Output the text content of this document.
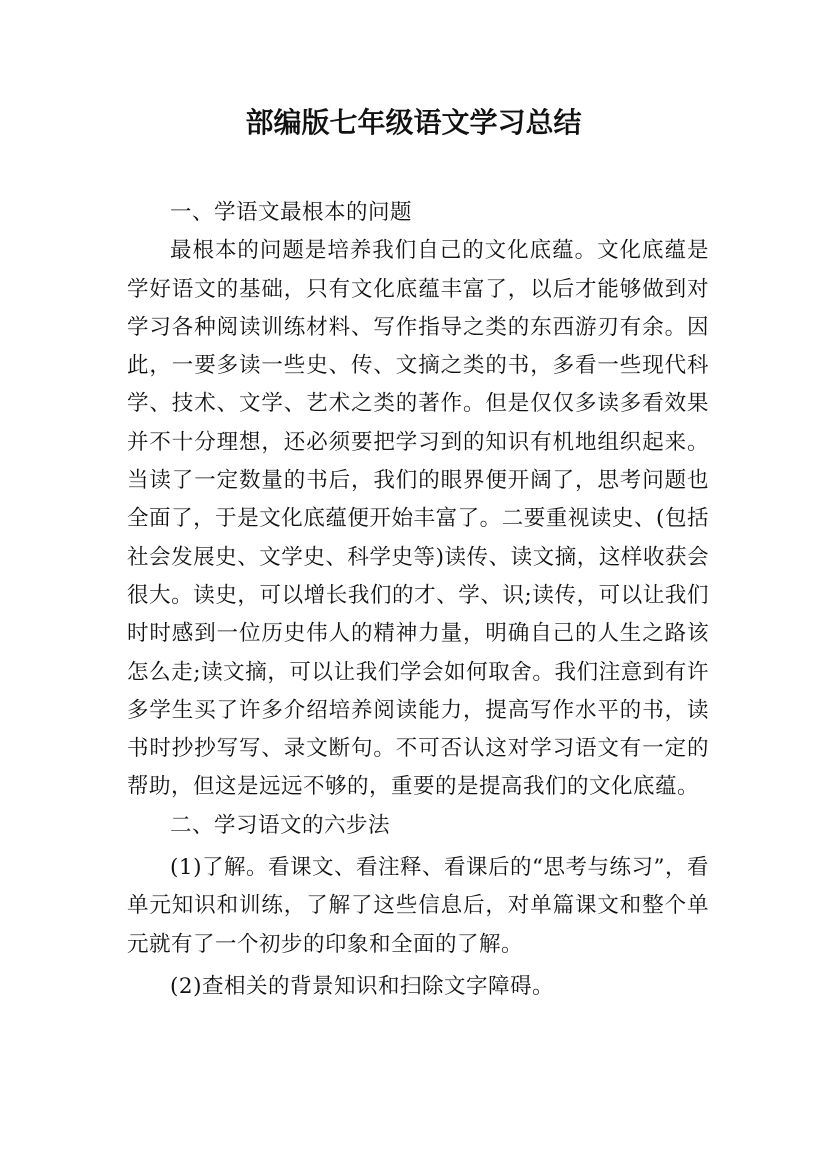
部编版七年级语文学习总结

一、学语文最根本的问题

最根本的问题是培养我们自己的文化底蕴。文化底蕴是学好语文的基础，只有文化底蕴丰富了，以后才能够做到对学习各种阅读训练材料、写作指导之类的东西游刃有余。因此，一要多读一些史、传、文摘之类的书，多看一些现代科学、技术、文学、艺术之类的著作。但是仅仅多读多看效果并不十分理想，还必须要把学习到的知识有机地组织起来。当读了一定数量的书后，我们的眼界便开阔了，思考问题也全面了，于是文化底蕴便开始丰富了。二要重视读史、(包括社会发展史、文学史、科学史等)读传、读文摘，这样收获会很大。读史，可以增长我们的才、学、识;读传，可以让我们时时感到一位历史伟人的精神力量，明确自己的人生之路该怎么走;读文摘，可以让我们学会如何取舍。我们注意到有许多学生买了许多介绍培养阅读能力，提高写作水平的书，读书时抄抄写写、录文断句。不可否认这对学习语文有一定的帮助，但这是远远不够的，重要的是提高我们的文化底蕴。

二、学习语文的六步法

(1)了解。看课文、看注释、看课后的“思考与练习”，看单元知识和训练，了解了这些信息后，对单篇课文和整个单元就有了一个初步的印象和全面的了解。

(2)查相关的背景知识和扫除文字障碍。
